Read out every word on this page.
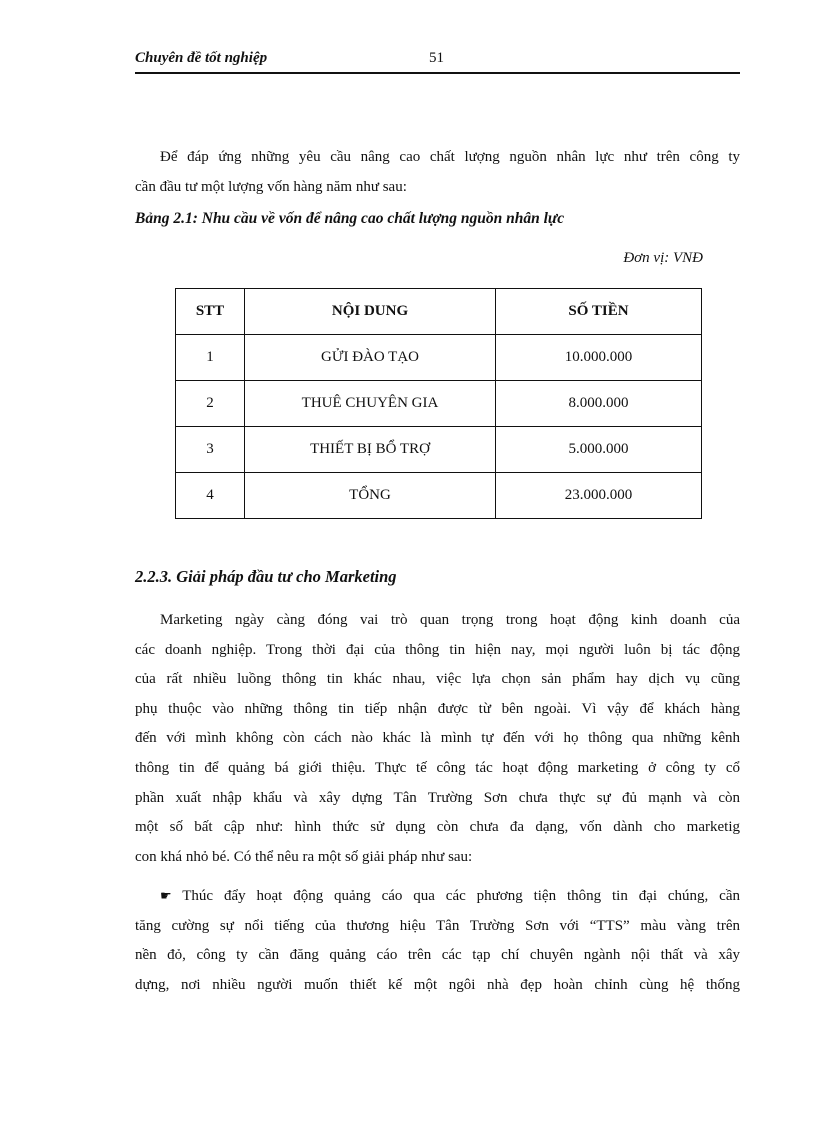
Chuyên đề tốt nghiệp	51
Để đáp ứng những yêu cầu nâng cao chất lượng nguồn nhân lực như trên công ty
cần đầu tư một lượng vốn hàng năm như sau:
Bảng 2.1: Nhu cầu về vốn để nâng cao chất lượng nguồn nhân lực
Đơn vị: VNĐ
STT	NỘI DUNG	SỐ TIỀN
1	GỬI ĐÀO TẠO	10.000.000
2	THUÊ CHUYÊN GIA	8.000.000
3	THIẾT BỊ BỔ TRỢ	5.000.000
4	TỔNG	23.000.000
2.2.3. Giải pháp đầu tư cho Marketing
Marketing ngày càng đóng vai trò quan trọng trong hoạt động kinh doanh của
các doanh nghiệp. Trong thời đại của thông tin hiện nay, mọi người luôn bị tác động
của rất nhiều luồng thông tin khác nhau, việc lựa chọn sản phẩm hay dịch vụ cũng
phụ thuộc vào những thông tin tiếp nhận được từ bên ngoài. Vì vậy để khách hàng
đến với mình không còn cách nào khác là mình tự đến với họ thông qua những kênh
thông tin để quảng bá giới thiệu. Thực tế công tác hoạt động marketing ở công ty cổ
phần xuất nhập khẩu và xây dựng Tân Trường Sơn chưa thực sự đủ mạnh và còn
một số bất cập như: hình thức sử dụng còn chưa đa dạng, vốn dành cho marketig
con khá nhỏ bé. Có thể nêu ra một số giải pháp như sau:
☛ Thúc đẩy hoạt động quảng cáo qua các phương tiện thông tin đại chúng, cần
tăng cường sự nổi tiếng của thương hiệu Tân Trường Sơn với “TTS” màu vàng trên
nền đỏ, công ty cần đăng quảng cáo trên các tạp chí chuyên ngành nội thất và xây
dựng, nơi nhiều người muốn thiết kế một ngôi nhà đẹp hoàn chỉnh cùng hệ thống
